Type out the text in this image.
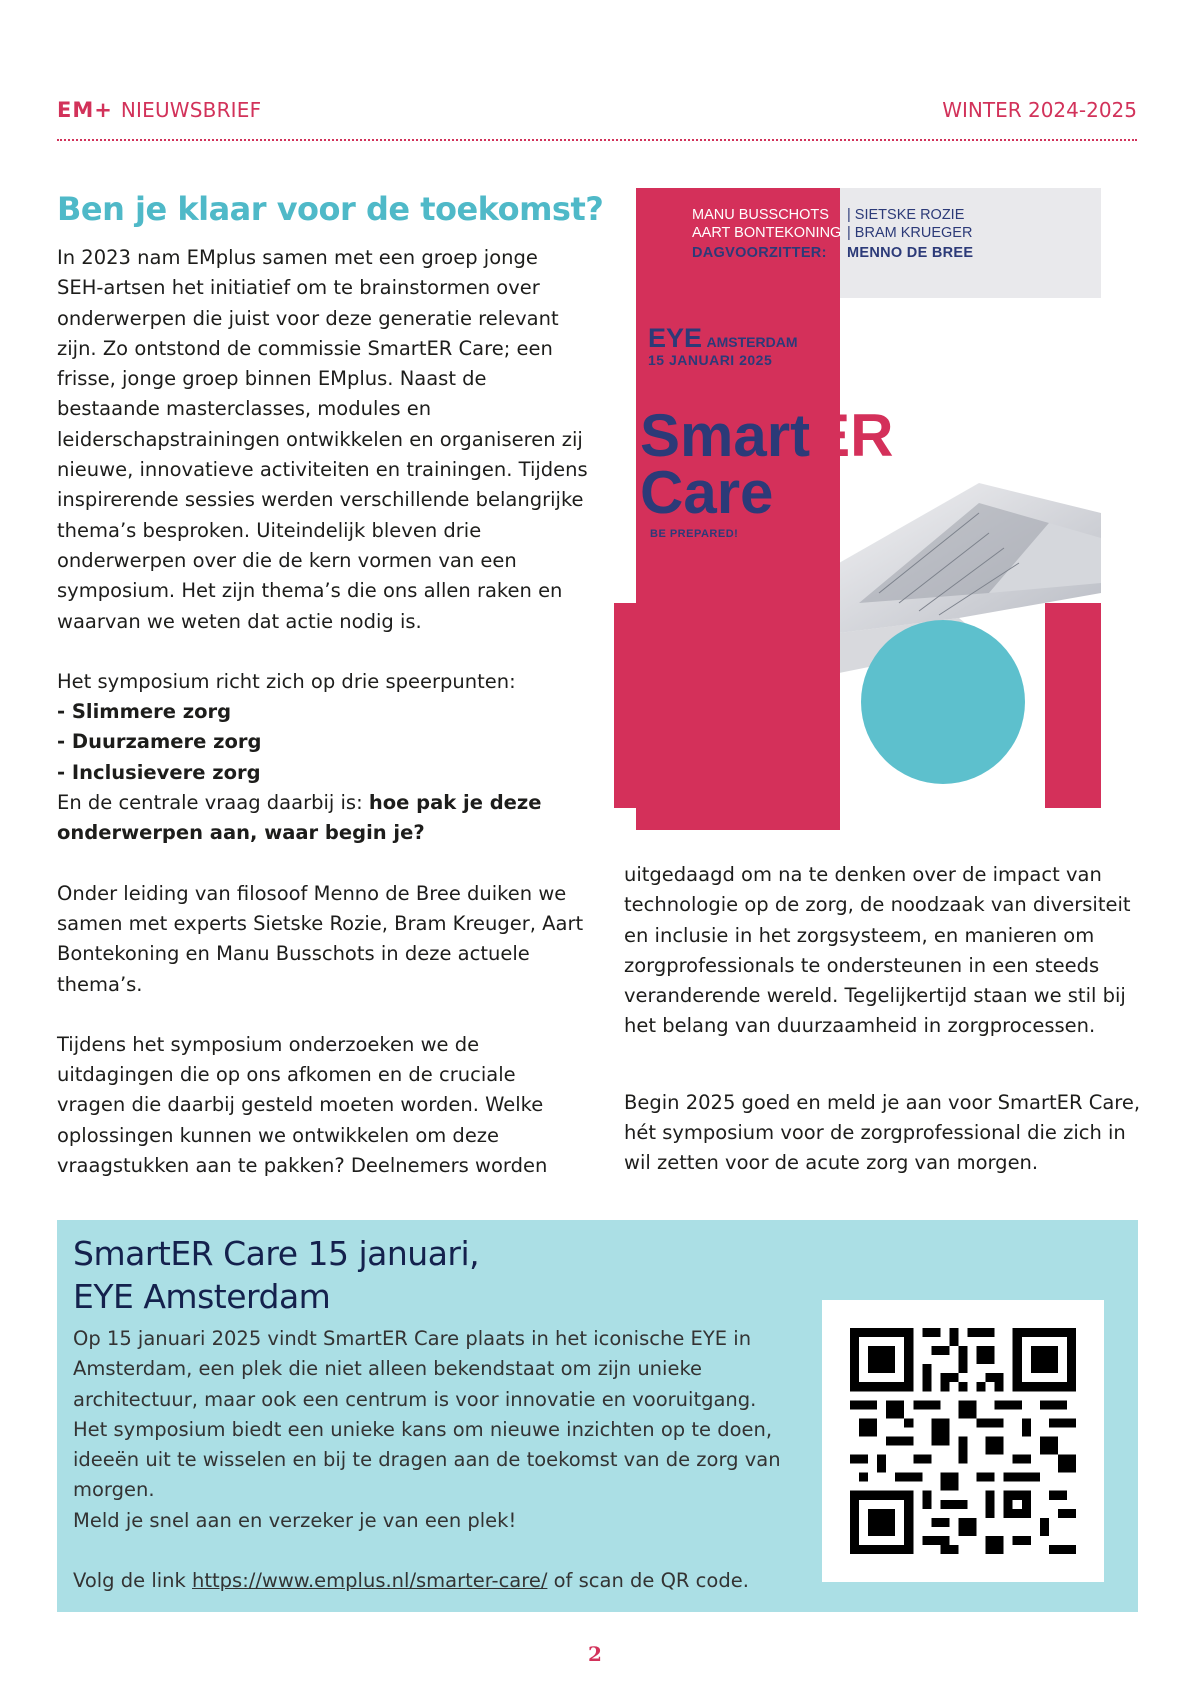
EM+ NIEUWSBRIEF	WINTER 2024-2025
Ben je klaar voor de toekomst?

In 2023 nam EMplus samen met een groep jonge SEH-artsen het initiatief om te brainstormen over onderwerpen die juist voor deze generatie relevant zijn. Zo ontstond de commissie SmartER Care; een frisse, jonge groep binnen EMplus. Naast de bestaande masterclasses, modules en leiderschapstrainingen ontwikkelen en organiseren zij nieuwe, innovatieve activiteiten en trainingen. Tijdens inspirerende sessies werden verschillende belangrijke thema’s besproken. Uiteindelijk bleven drie onderwerpen over die de kern vormen van een symposium. Het zijn thema’s die ons allen raken en waarvan we weten dat actie nodig is.

Het symposium richt zich op drie speerpunten:

- Slimmere zorg

- Duurzamere zorg

- Inclusievere zorg

En de centrale vraag daarbij is: hoe pak je deze onderwerpen aan, waar begin je?

Onder leiding van filosoof Menno de Bree duiken we samen met experts Sietske Rozie, Bram Kreuger, Aart Bontekoning en Manu Busschots in deze actuele thema’s.

Tijdens het symposium onderzoeken we de uitdagingen die op ons afkomen en de cruciale vragen die daarbij gesteld moeten worden. Welke oplossingen kunnen we ontwikkelen om deze vraagstukken aan te pakken? Deelnemers worden

MANU BUSSCHOTS
AART BONTEKONING
| SIETSKE ROZIE
| BRAM KRUEGER
DAGVOORZITTER: MENNO DE BREE
EYE AMSTERDAM
15 JANUARI 2025
SmartER
Care
BE PREPARED!

uitgedaagd om na te denken over de impact van technologie op de zorg, de noodzaak van diversiteit en inclusie in het zorgsysteem, en manieren om zorgprofessionals te ondersteunen in een steeds veranderende wereld. Tegelijkertijd staan we stil bij het belang van duurzaamheid in zorgprocessen.

Begin 2025 goed en meld je aan voor SmartER Care, hét symposium voor de zorgprofessional die zich in wil zetten voor de acute zorg van morgen.

SmartER Care 15 januari,
EYE Amsterdam

Op 15 januari 2025 vindt SmartER Care plaats in het iconische EYE in Amsterdam, een plek die niet alleen bekendstaat om zijn unieke architectuur, maar ook een centrum is voor innovatie en vooruitgang. Het symposium biedt een unieke kans om nieuwe inzichten op te doen, ideeën uit te wisselen en bij te dragen aan de toekomst van de zorg van morgen.

Meld je snel aan en verzeker je van een plek!

Volg de link https://www.emplus.nl/smarter-care/ of scan de QR code.

2
